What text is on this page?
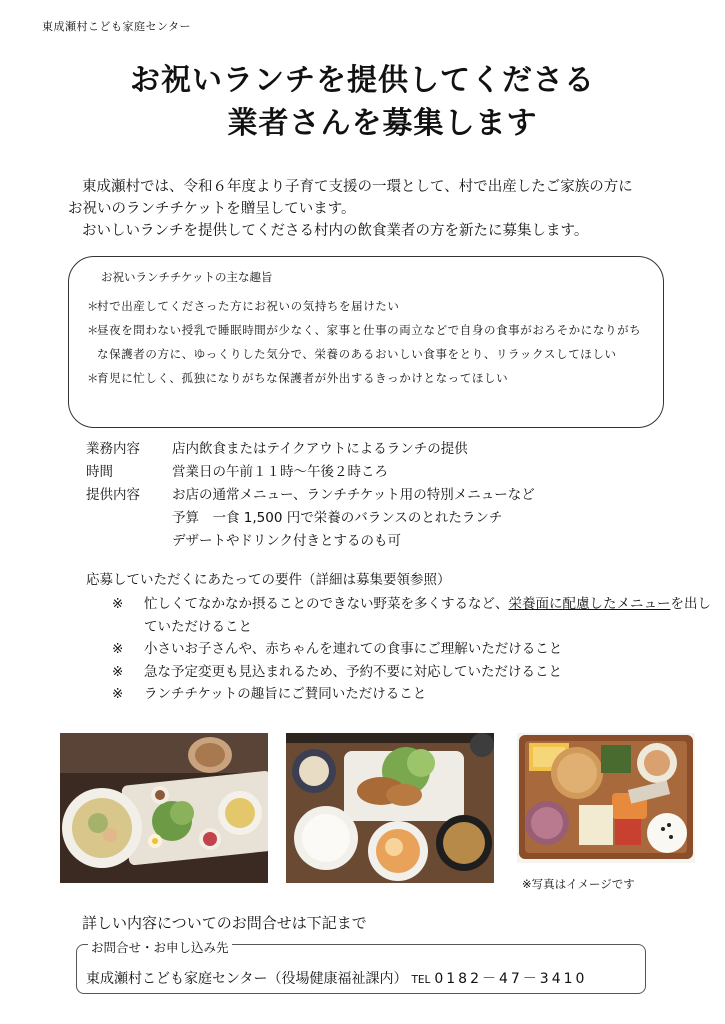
東成瀬村こども家庭センター
お祝いランチを提供してくださる
業者さんを募集します

東成瀬村では、令和６年度より子育て支援の一環として、村で出産したご家族の方に

お祝いのランチチケットを贈呈しています。

おいしいランチを提供してくださる村内の飲食業者の方を新たに募集します。

お祝いランチチケットの主な趣旨
＊
村で出産してくださった方にお祝いの気持ちを届けたい
＊
昼夜を問わない授乳で睡眠時間が少なく、家事と仕事の両立などで自身の食事がおろそかになりがちな保護者の方に、ゆっくりした気分で、栄養のあるおいしい食事をとり、リラックスしてほしい
＊
育児に忙しく、孤独になりがちな保護者が外出するきっかけとなってほしい
業務内容	店内飲食またはテイクアウトによるランチの提供
時間	営業日の午前１１時～午後２時ころ
提供内容	お店の通常メニュー、ランチチケット用の特別メニューなど
予算　一食 1,500 円で栄養のバランスのとれたランチ
デザートやドリンク付きとするのも可
応募していただくにあたっての要件（詳細は募集要領参照）
※	忙しくてなかなか摂ることのできない野菜を多くするなど、栄養面に配慮したメニューを出していただけること
※	小さいお子さんや、赤ちゃんを連れての食事にご理解いただけること
※	急な予定変更も見込まれるため、予約不要に対応していただけること
※	ランチチケットの趣旨にご賛同いただけること
※写真はイメージです
詳しい内容についてのお問合せは下記まで
お問合せ・お申し込み先
東成瀬村こども家庭センター（役場健康福祉課内） TEL 0182－47－3410
